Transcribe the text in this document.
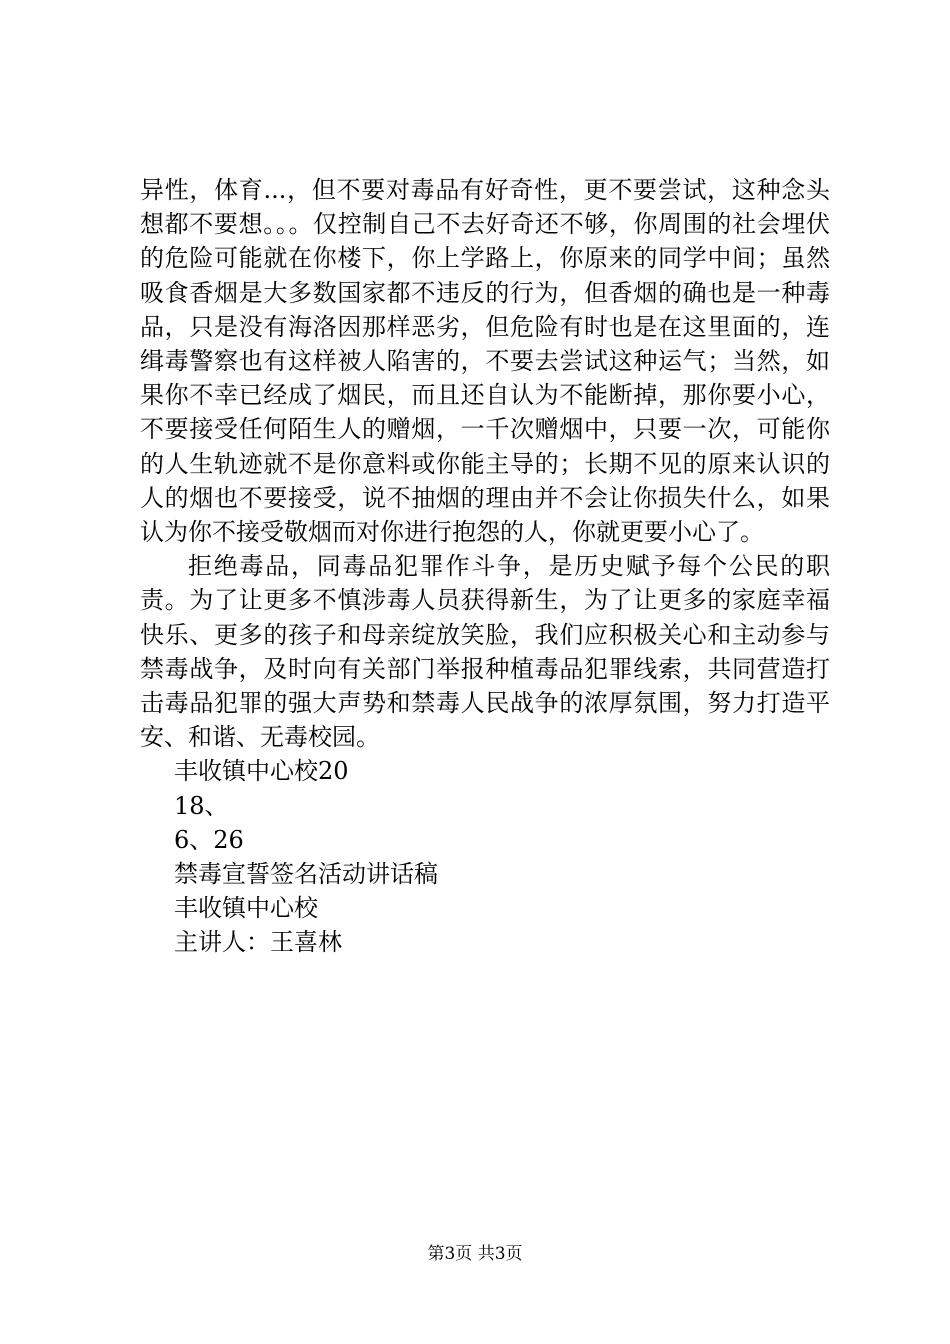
异性，体育...，但不要对毒品有好奇性，更不要尝试，这种念头想都不要想。。。仅控制自己不去好奇还不够，你周围的社会埋伏的危险可能就在你楼下，你上学路上，你原来的同学中间；虽然吸食香烟是大多数国家都不违反的行为，但香烟的确也是一种毒品，只是没有海洛因那样恶劣，但危险有时也是在这里面的，连缉毒警察也有这样被人陷害的，不要去尝试这种运气；当然，如果你不幸已经成了烟民，而且还自认为不能断掉，那你要小心，不要接受任何陌生人的赠烟，一千次赠烟中，只要一次，可能你的人生轨迹就不是你意料或你能主导的；长期不见的原来认识的人的烟也不要接受，说不抽烟的理由并不会让你损失什么，如果认为你不接受敬烟而对你进行抱怨的人，你就更要小心了。

拒绝毒品，同毒品犯罪作斗争，是历史赋予每个公民的职责。为了让更多不慎涉毒人员获得新生，为了让更多的家庭幸福快乐、更多的孩子和母亲绽放笑脸，我们应积极关心和主动参与禁毒战争，及时向有关部门举报种植毒品犯罪线索，共同营造打击毒品犯罪的强大声势和禁毒人民战争的浓厚氛围，努力打造平安、和谐、无毒校园。

丰收镇中心校20

18、

6、26

禁毒宣誓签名活动讲话稿

丰收镇中心校

主讲人：王喜林

第3页 共3页
